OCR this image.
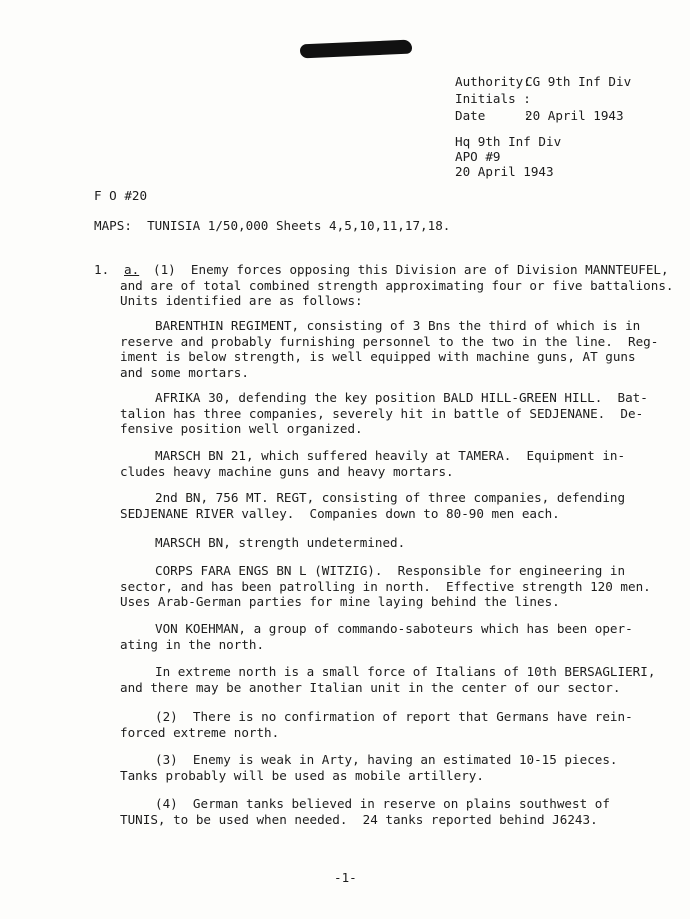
Authority:
CG 9th Inf Div
Initials :
Date     :
20 April 1943
Hq 9th Inf Div
APO #9
20 April 1943
F O #20
MAPS:  TUNISIA 1/50,000 Sheets 4,5,10,11,17,18.
1. a.	(1)  Enemy forces opposing this Division are of Division MANNTEUFEL,
and are of total combined strength approximating four or five battalions.
Units identified are as follows:
BARENTHIN REGIMENT, consisting of 3 Bns the third of which is in
reserve and probably furnishing personnel to the two in the line.  Reg-
iment is below strength, is well equipped with machine guns, AT guns
and some mortars.
AFRIKA 30, defending the key position BALD HILL-GREEN HILL.  Bat-
talion has three companies, severely hit in battle of SEDJENANE.  De-
fensive position well organized.
MARSCH BN 21, which suffered heavily at TAMERA.  Equipment in-
cludes heavy machine guns and heavy mortars.
2nd BN, 756 MT. REGT, consisting of three companies, defending
SEDJENANE RIVER valley.  Companies down to 80-90 men each.
MARSCH BN, strength undetermined.
CORPS FARA ENGS BN L (WITZIG).  Responsible for engineering in
sector, and has been patrolling in north.  Effective strength 120 men.
Uses Arab-German parties for mine laying behind the lines.
VON KOEHMAN, a group of commando-saboteurs which has been oper-
ating in the north.
In extreme north is a small force of Italians of 10th BERSAGLIERI,
and there may be another Italian unit in the center of our sector.
(2)  There is no confirmation of report that Germans have rein-
forced extreme north.
(3)  Enemy is weak in Arty, having an estimated 10-15 pieces.
Tanks probably will be used as mobile artillery.
(4)  German tanks believed in reserve on plains southwest of
TUNIS, to be used when needed.  24 tanks reported behind J6243.
-1-
